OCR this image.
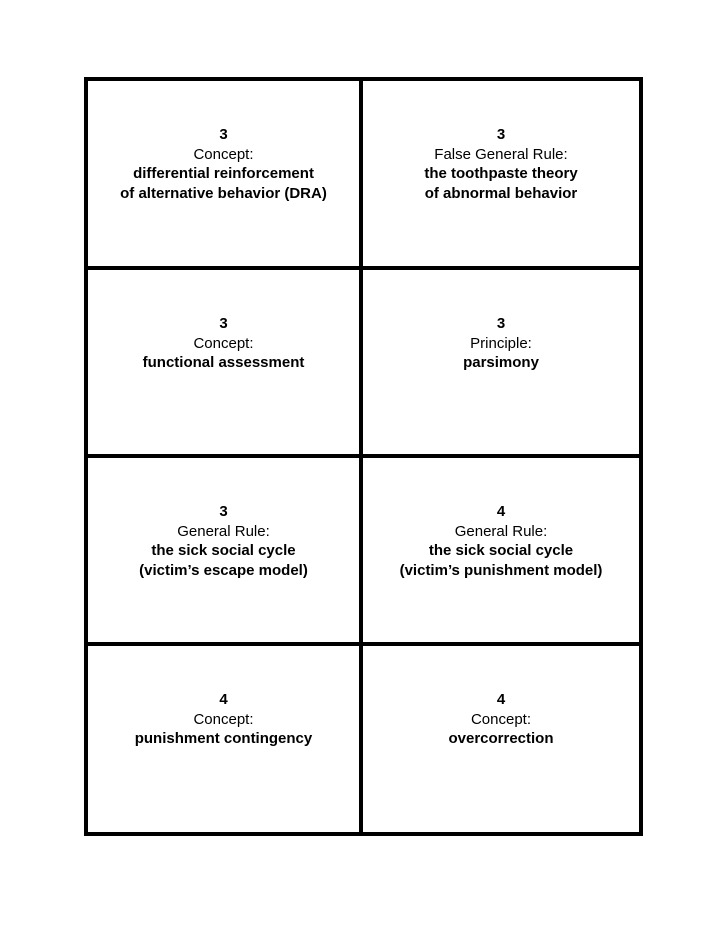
3
Concept:
differential reinforcement
of alternative behavior (DRA)
3
False General Rule:
the toothpaste theory
of abnormal behavior
3
Concept:
functional assessment
3
Principle:
parsimony
3
General Rule:
the sick social cycle
(victim’s escape model)
4
General Rule:
the sick social cycle
(victim’s punishment model)
4
Concept:
punishment contingency
4
Concept:
overcorrection
